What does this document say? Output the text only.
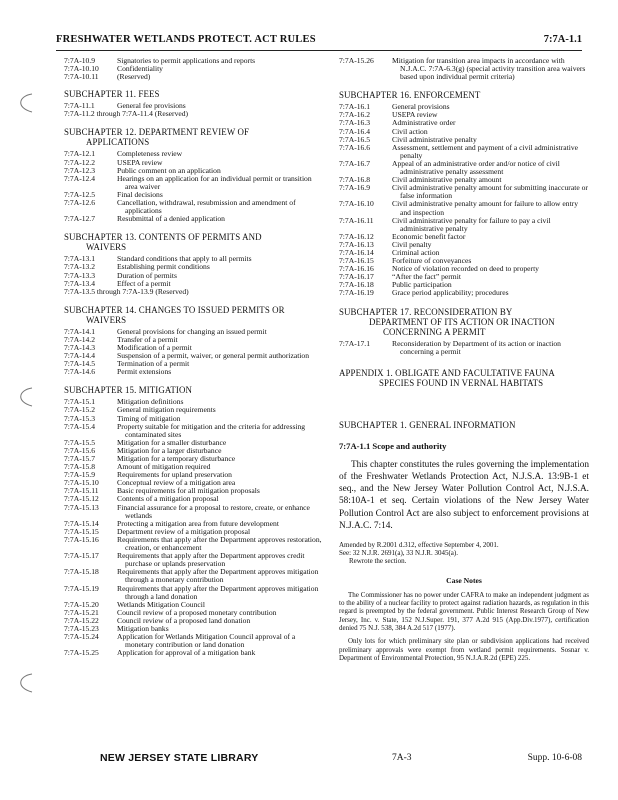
FRESHWATER WETLANDS PROTECT. ACT RULES	7:7A-1.1
7:7A-10.9	Signatories to permit applications and reports
7:7A-10.10	Confidentiality
7:7A-10.11	(Reserved)
SUBCHAPTER 11. FEES
7:7A-11.1	General fee provisions
7:7A-11.2 through 7:7A-11.4 (Reserved)
SUBCHAPTER 12. DEPARTMENT REVIEW OF
APPLICATIONS
7:7A-12.1	Completeness review
7:7A-12.2	USEPA review
7:7A-12.3	Public comment on an application
7:7A-12.4	Hearings on an application for an individual permit or transition area waiver
7:7A-12.5	Final decisions
7:7A-12.6	Cancellation, withdrawal, resubmission and amendment of applications
7:7A-12.7	Resubmittal of a denied application
SUBCHAPTER 13. CONTENTS OF PERMITS AND
WAIVERS
7:7A-13.1	Standard conditions that apply to all permits
7:7A-13.2	Establishing permit conditions
7:7A-13.3	Duration of permits
7:7A-13.4	Effect of a permit
7:7A-13.5 through 7:7A-13.9 (Reserved)
SUBCHAPTER 14. CHANGES TO ISSUED PERMITS OR
WAIVERS
7:7A-14.1	General provisions for changing an issued permit
7:7A-14.2	Transfer of a permit
7:7A-14.3	Modification of a permit
7:7A-14.4	Suspension of a permit, waiver, or general permit authorization
7:7A-14.5	Termination of a permit
7:7A-14.6	Permit extensions
SUBCHAPTER 15. MITIGATION
7:7A-15.1	Mitigation definitions
7:7A-15.2	General mitigation requirements
7:7A-15.3	Timing of mitigation
7:7A-15.4	Property suitable for mitigation and the criteria for addressing contaminated sites
7:7A-15.5	Mitigation for a smaller disturbance
7:7A-15.6	Mitigation for a larger disturbance
7:7A-15.7	Mitigation for a temporary disturbance
7:7A-15.8	Amount of mitigation required
7:7A-15.9	Requirements for upland preservation
7:7A-15.10	Conceptual review of a mitigation area
7:7A-15.11	Basic requirements for all mitigation proposals
7:7A-15.12	Contents of a mitigation proposal
7:7A-15.13	Financial assurance for a proposal to restore, create, or enhance wetlands
7:7A-15.14	Protecting a mitigation area from future development
7:7A-15.15	Department review of a mitigation proposal
7:7A-15.16	Requirements that apply after the Department approves restoration, creation, or enhancement
7:7A-15.17	Requirements that apply after the Department approves credit purchase or uplands preservation
7:7A-15.18	Requirements that apply after the Department approves mitigation through a monetary contribution
7:7A-15.19	Requirements that apply after the Department approves mitigation through a land donation
7:7A-15.20	Wetlands Mitigation Council
7:7A-15.21	Council review of a proposed monetary contribution
7:7A-15.22	Council review of a proposed land donation
7:7A-15.23	Mitigation banks
7:7A-15.24	Application for Wetlands Mitigation Council approval of a monetary contribution or land donation
7:7A-15.25	Application for approval of a mitigation bank
7:7A-15.26	Mitigation for transition area impacts in accordance with N.J.A.C. 7:7A-6.3(g) (special activity transition area waivers based upon individual permit criteria)
SUBCHAPTER 16. ENFORCEMENT
7:7A-16.1	General provisions
7:7A-16.2	USEPA review
7:7A-16.3	Administrative order
7:7A-16.4	Civil action
7:7A-16.5	Civil administrative penalty
7:7A-16.6	Assessment, settlement and payment of a civil administrative penalty
7:7A-16.7	Appeal of an administrative order and/or notice of civil administrative penalty assessment
7:7A-16.8	Civil administrative penalty amount
7:7A-16.9	Civil administrative penalty amount for submitting inaccurate or false information
7:7A-16.10	Civil administrative penalty amount for failure to allow entry and inspection
7:7A-16.11	Civil administrative penalty for failure to pay a civil administrative penalty
7:7A-16.12	Economic benefit factor
7:7A-16.13	Civil penalty
7:7A-16.14	Criminal action
7:7A-16.15	Forfeiture of conveyances
7:7A-16.16	Notice of violation recorded on deed to property
7:7A-16.17	“After the fact” permit
7:7A-16.18	Public participation
7:7A-16.19	Grace period applicability; procedures
SUBCHAPTER 17. RECONSIDERATION BY
DEPARTMENT OF ITS ACTION OR INACTION
CONCERNING A PERMIT
7:7A-17.1	Reconsideration by Department of its action or inaction concerning a permit
APPENDIX 1. OBLIGATE AND FACULTATIVE FAUNA
SPECIES FOUND IN VERNAL HABITATS
SUBCHAPTER 1. GENERAL INFORMATION
7:7A-1.1 Scope and authority

This chapter constitutes the rules governing the implementation of the Freshwater Wetlands Protection Act, N.J.S.A. 13:9B-1 et seq., and the New Jersey Water Pollution Control Act, N.J.S.A. 58:10A-1 et seq. Certain violations of the New Jersey Water Pollution Control Act are also subject to enforcement provisions at N.J.A.C. 7:14.

Amended by R.2001 d.312, effective September 4, 2001.

See: 32 N.J.R. 2691(a), 33 N.J.R. 3045(a).

Rewrote the section.

Case Notes

The Commissioner has no power under CAFRA to make an independent judgment as to the ability of a nuclear facility to protect against radiation hazards, as regulation in this regard is preempted by the federal government. Public Interest Research Group of New Jersey, Inc. v. State, 152 N.J.Super. 191, 377 A.2d 915 (App.Div.1977), certification denied 75 N.J. 538, 384 A.2d 517 (1977).

Only lots for which preliminary site plan or subdivision applications had received preliminary approvals were exempt from wetland permit requirements. Sosnar v. Department of Environmental Protection, 95 N.J.A.R.2d (EPE) 225.

NEW JERSEY STATE LIBRARY	7A-3	Supp. 10-6-08
